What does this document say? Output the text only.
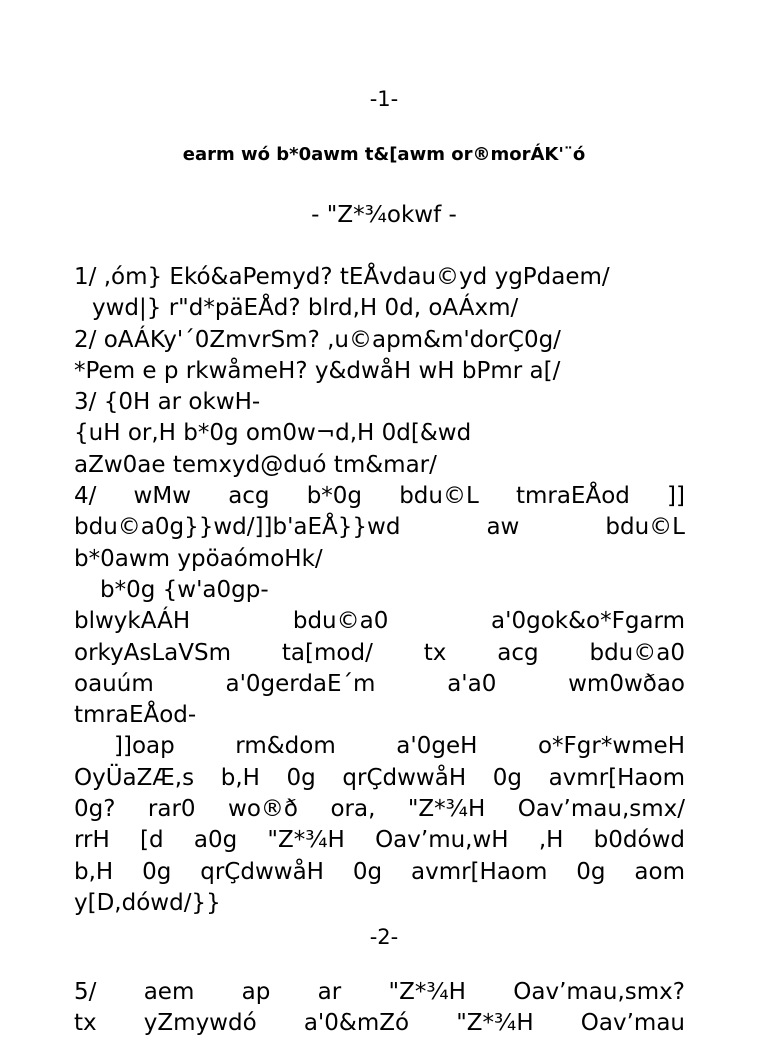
-1-
earm wó b*0awm t&[awm or®morÁK'¨ó
- "Z*¾okwf -
1/ ,óm} Ekó&aPemyd? tEÅvdau©yd ygPdaem/
ywd|} r"d*päEÅd? blrd,H 0d, oAÁxm/
2/ oAÁKy'´0ZmvrSm? ,u©apm&m'dorÇ0g/
*Pem e p rkwåmeH? y&dwåH wH bPmr a[/
3/ {0H ar okwH-
{uH or,H b*0g om0w¬d,H 0d[&wd
aZw0ae temxyd@duó tm&mar/
4/ wMw acg b*0g bdu©L tmraEÅod ]]
bdu©a0g}}wd/]]b'aEÅ}}wd aw bdu©L
b*0awm ypöaómoHk/
b*0g {w'a0gp-
blwykAÁH bdu©a0 a'0gok&o*Fgarm
orkyAsLaVSm ta[mod/ tx acg bdu©a0
oauúm a'0gerdaE´m a'a0 wm0wðao
tmraEÅod-
]]oap rm&dom a'0geH o*Fgr*wmeH
OyÜaZÆ,s b,H 0g qrÇdwwåH 0g avmr[Haom
0g? rar0 wo®ð ora, "Z*¾H Oav’mau,smx/
rrH [d a0g "Z*¾H Oav’mu,wH ,H b0dówd
b,H 0g qrÇdwwåH 0g avmr[Haom 0g aom
y[D,dówd/}}
-2-
5/ aem ap ar "Z*¾H Oav’mau,smx?
tx yZmywdó a'0&mZó "Z*¾H Oav’mau
